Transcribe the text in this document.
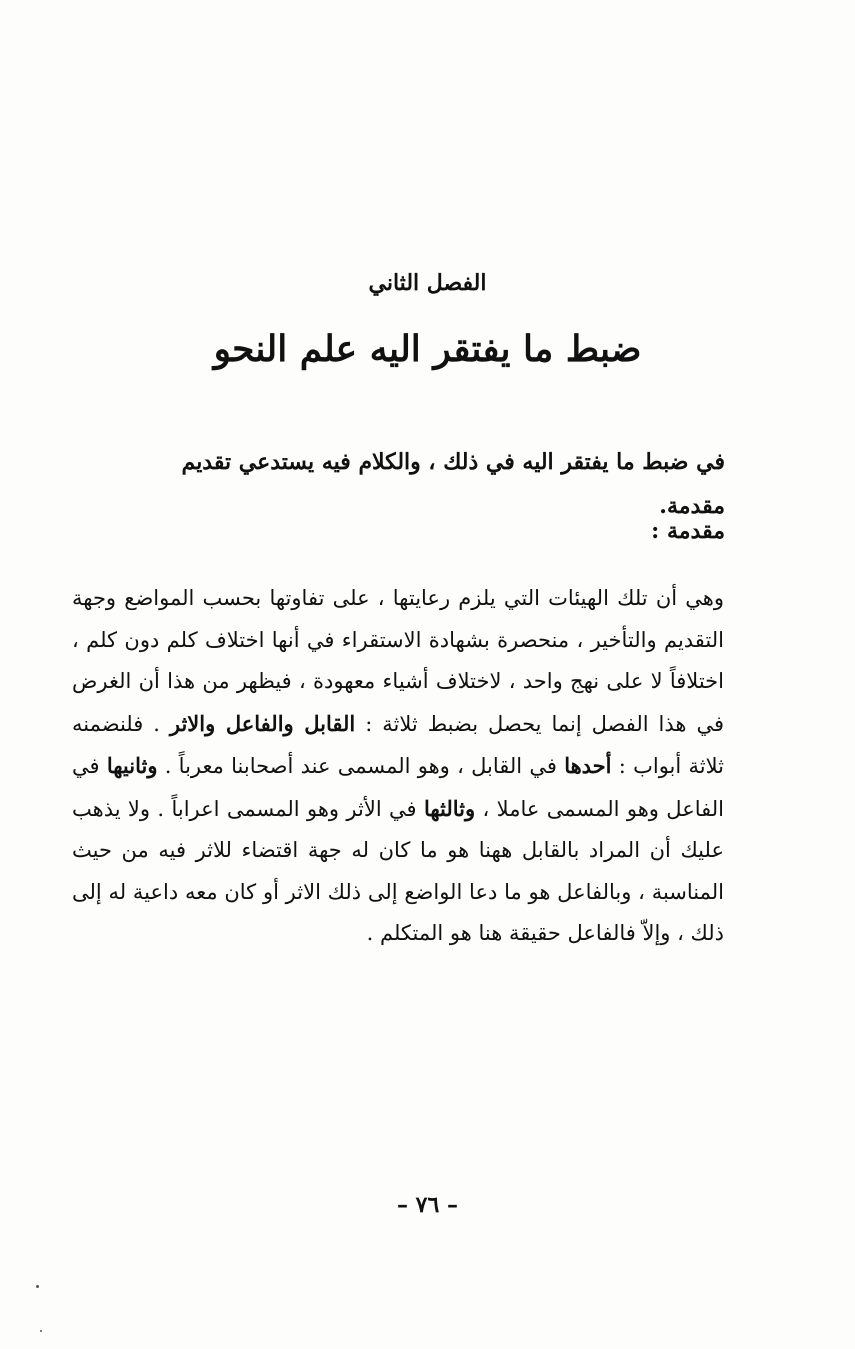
الفصل الثاني
ضبط ما يفتقر اليه علم النحو
في ضبط ما يفتقر اليه في ذلك ، والكلام فيه يستدعي تقديم مقدمة.
مقدمة :
وهي أن تلك الهيئات التي يلزم رعايتها ، على تفاوتها بحسب المواضع وجهة التقديم والتأخير ، منحصرة بشهادة الاستقراء في أنها اختلاف كلم دون كلم ، اختلافاً لا على نهج واحد ، لاختلاف أشياء معهودة ، فيظهر من هذا أن الغرض في هذا الفصل إنما يحصل بضبط ثلاثة : القابل والفاعل والاثر . فلنضمنه ثلاثة أبواب : أحدها في القابل ، وهو المسمى عند أصحابنا معرباً . وثانيها في الفاعل وهو المسمى عاملا ، وثالثها في الأثر وهو المسمى اعراباً . ولا يذهب عليك أن المراد بالقابل ههنا هو ما كان له جهة اقتضاء للاثر فيه من حيث المناسبة ، وبالفاعل هو ما دعا الواضع إلى ذلك الاثر أو كان معه داعية له إلى ذلك ، وإلاّ فالفاعل حقيقة هنا هو المتكلم .
– ٧٦ –
